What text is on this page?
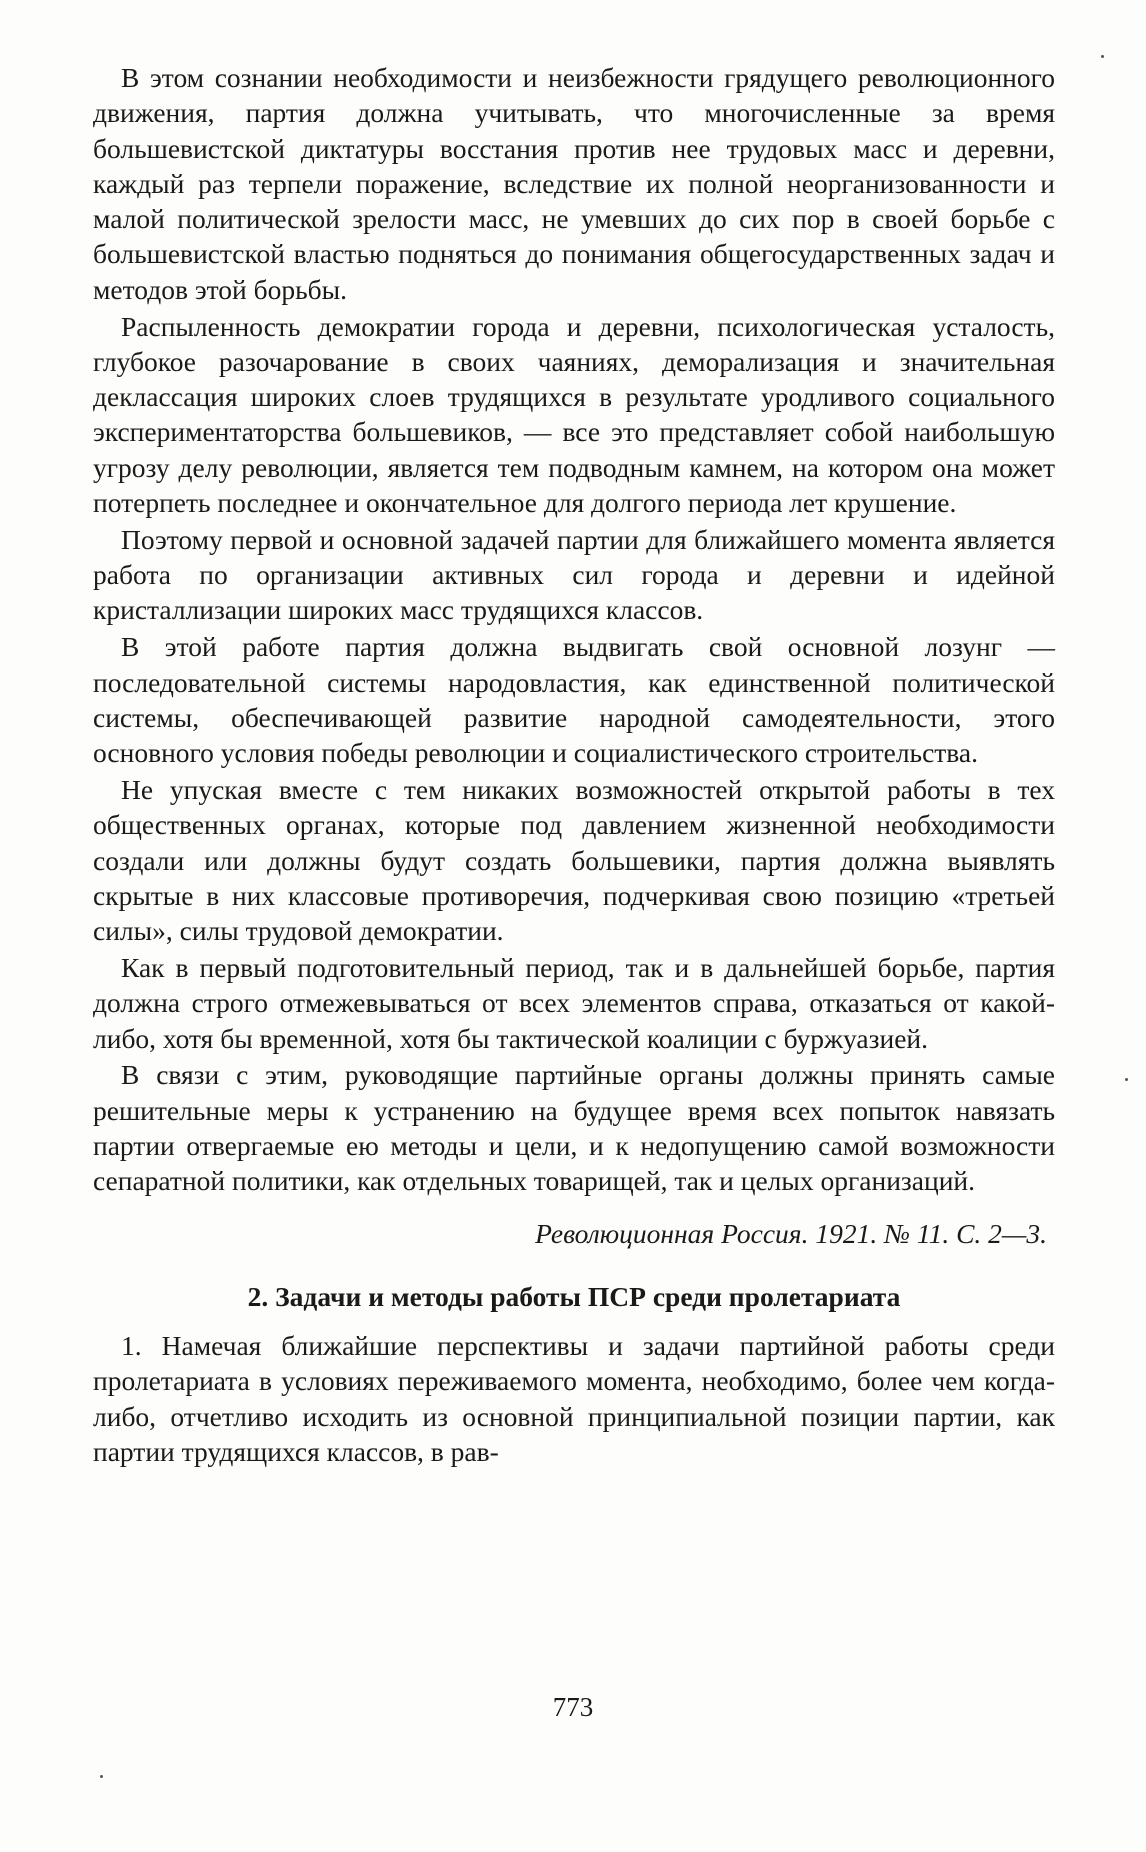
В этом сознании необходимости и неизбежности грядущего революционного движения, партия должна учитывать, что многочисленные за время большевистской диктатуры восстания против нее трудовых масс и деревни, каждый раз терпели поражение, вследствие их полной неорганизованности и малой политической зрелости масс, не умевших до сих пор в своей борьбе с большевистской властью подняться до понимания общегосударственных задач и методов этой борьбы.

Распыленность демократии города и деревни, психологическая усталость, глубокое разочарование в своих чаяниях, деморализация и значительная деклассация широких слоев трудящихся в результате уродливого социального экспериментаторства большевиков, — все это представляет собой наибольшую угрозу делу революции, является тем подводным камнем, на котором она может потерпеть последнее и окончательное для долгого периода лет крушение.

Поэтому первой и основной задачей партии для ближайшего момента является работа по организации активных сил города и деревни и идейной кристаллизации широких масс трудящихся классов.

В этой работе партия должна выдвигать свой основной лозунг — последовательной системы народовластия, как единственной политической системы, обеспечивающей развитие народной самодеятельности, этого основного условия победы революции и социалистического строительства.

Не упуская вместе с тем никаких возможностей открытой работы в тех общественных органах, которые под давлением жизненной необходимости создали или должны будут создать большевики, партия должна выявлять скрытые в них классовые противоречия, подчеркивая свою позицию «третьей силы», силы трудовой демократии.

Как в первый подготовительный период, так и в дальнейшей борьбе, партия должна строго отмежевываться от всех элементов справа, отказаться от какой-либо, хотя бы временной, хотя бы тактической коалиции с буржуазией.

В связи с этим, руководящие партийные органы должны принять самые решительные меры к устранению на будущее время всех попыток навязать партии отвергаемые ею методы и цели, и к недопущению самой возможности сепаратной политики, как отдельных товарищей, так и целых организаций.

Революционная Россия. 1921. № 11. С. 2—3.

2. Задачи и методы работы ПСР среди пролетариата

1. Намечая ближайшие перспективы и задачи партийной работы среди пролетариата в условиях переживаемого момента, необходимо, более чем когда-либо, отчетливо исходить из основной принципиальной позиции партии, как партии трудящихся классов, в рав-

773
